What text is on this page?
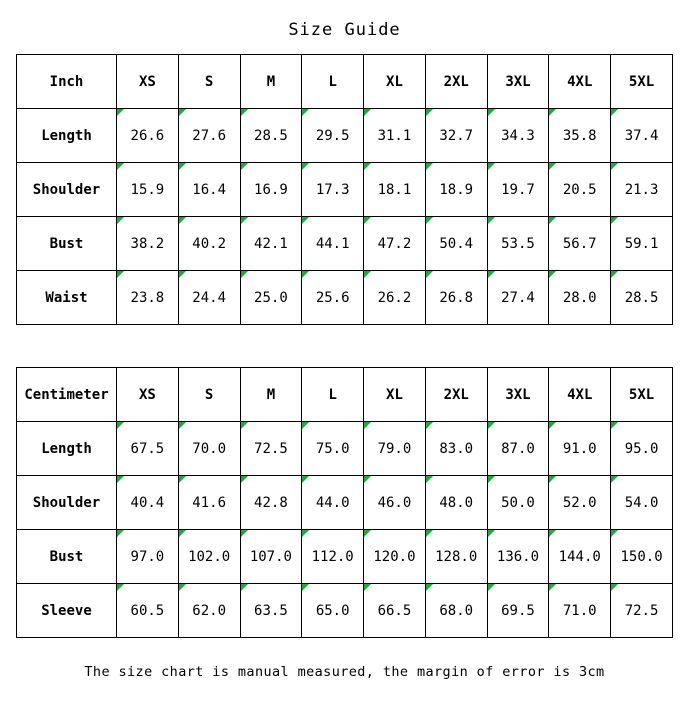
Size Guide
Inch	XS	S	M	L	XL	2XL	3XL	4XL	5XL
Length	26.6	27.6	28.5	29.5	31.1	32.7	34.3	35.8	37.4
Shoulder	15.9	16.4	16.9	17.3	18.1	18.9	19.7	20.5	21.3
Bust	38.2	40.2	42.1	44.1	47.2	50.4	53.5	56.7	59.1
Waist	23.8	24.4	25.0	25.6	26.2	26.8	27.4	28.0	28.5
Centimeter	XS	S	M	L	XL	2XL	3XL	4XL	5XL
Length	67.5	70.0	72.5	75.0	79.0	83.0	87.0	91.0	95.0
Shoulder	40.4	41.6	42.8	44.0	46.0	48.0	50.0	52.0	54.0
Bust	97.0	102.0	107.0	112.0	120.0	128.0	136.0	144.0	150.0
Sleeve	60.5	62.0	63.5	65.0	66.5	68.0	69.5	71.0	72.5
The size chart is manual measured, the margin of error is 3cm
